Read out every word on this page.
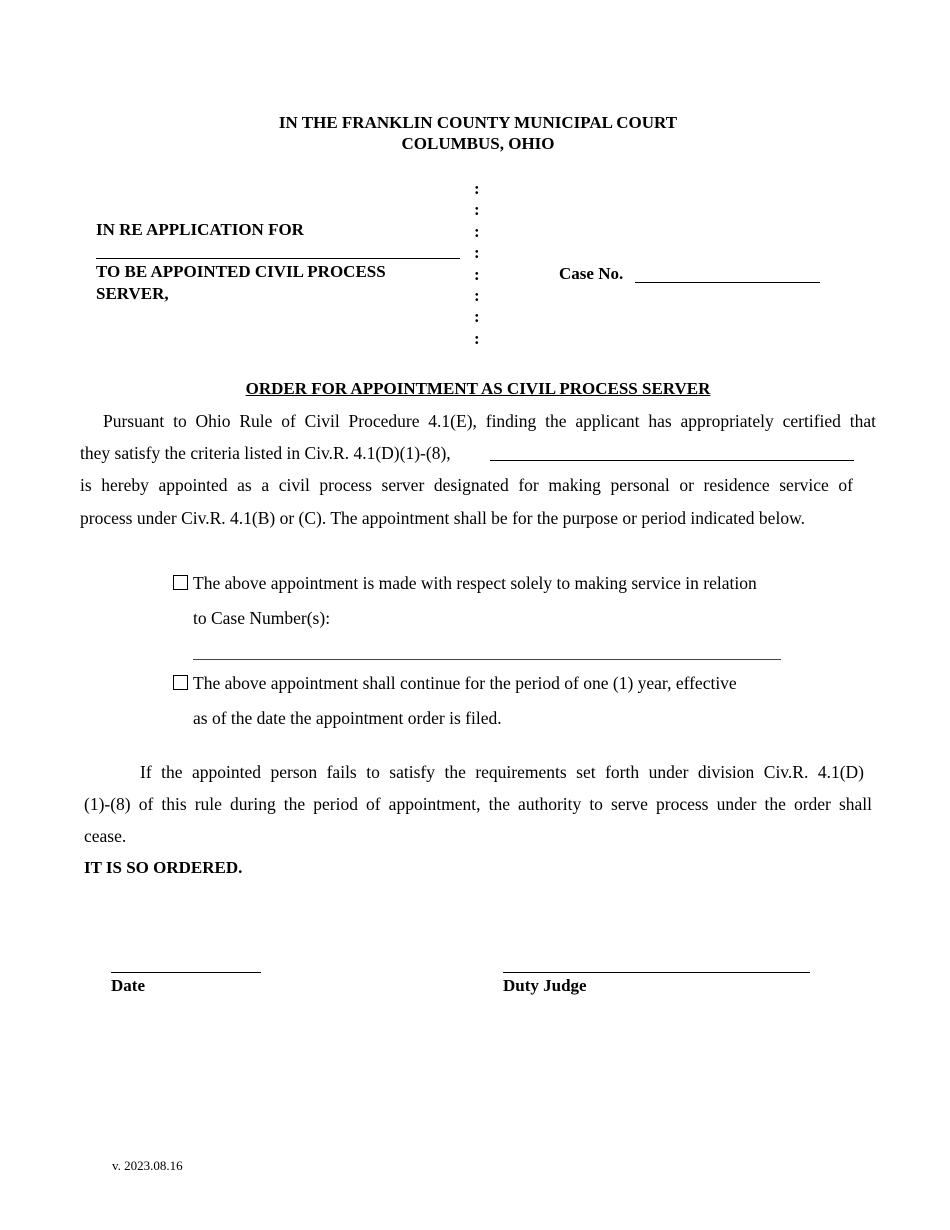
IN THE FRANKLIN COUNTY MUNICIPAL COURT
COLUMBUS, OHIO
IN RE APPLICATION FOR
TO BE APPOINTED CIVIL PROCESS
SERVER,
:
:
:
:
:
:
:
:
Case No.
ORDER FOR APPOINTMENT AS CIVIL PROCESS SERVER
Pursuant to Ohio Rule of Civil Procedure 4.1(E), finding the applicant has appropriately certified that
they satisfy the criteria listed in Civ.R. 4.1(D)(1)-(8),
is hereby appointed as a civil process server designated for making personal or residence service of
process under Civ.R. 4.1(B) or (C). The appointment shall be for the purpose or period indicated below.
The above appointment is made with respect solely to making service in relation
to Case Number(s):
The above appointment shall continue for the period of one (1) year, effective
as of the date the appointment order is filed.
If the appointed person fails to satisfy the requirements set forth under division Civ.R. 4.1(D)
(1)-(8) of this rule during the period of appointment, the authority to serve process under the order shall
cease.
IT IS SO ORDERED.
Date	Duty Judge
v. 2023.08.16
